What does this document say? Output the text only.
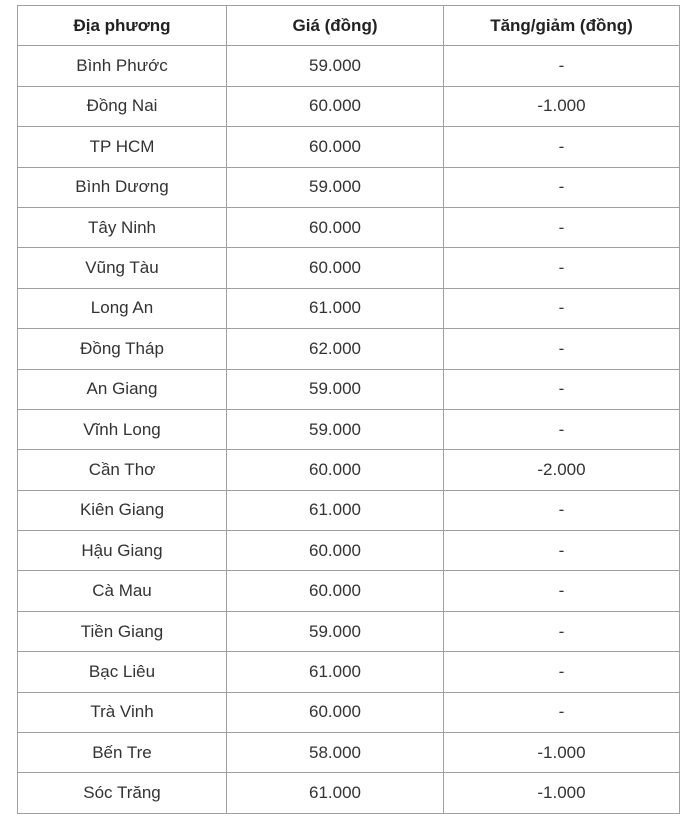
Địa phương	Giá (đồng)	Tăng/giảm (đồng)
Bình Phước	59.000	-
Đồng Nai	60.000	-1.000
TP HCM	60.000	-
Bình Dương	59.000	-
Tây Ninh	60.000	-
Vũng Tàu	60.000	-
Long An	61.000	-
Đồng Tháp	62.000	-
An Giang	59.000	-
Vĩnh Long	59.000	-
Cần Thơ	60.000	-2.000
Kiên Giang	61.000	-
Hậu Giang	60.000	-
Cà Mau	60.000	-
Tiền Giang	59.000	-
Bạc Liêu	61.000	-
Trà Vinh	60.000	-
Bến Tre	58.000	-1.000
Sóc Trăng	61.000	-1.000
